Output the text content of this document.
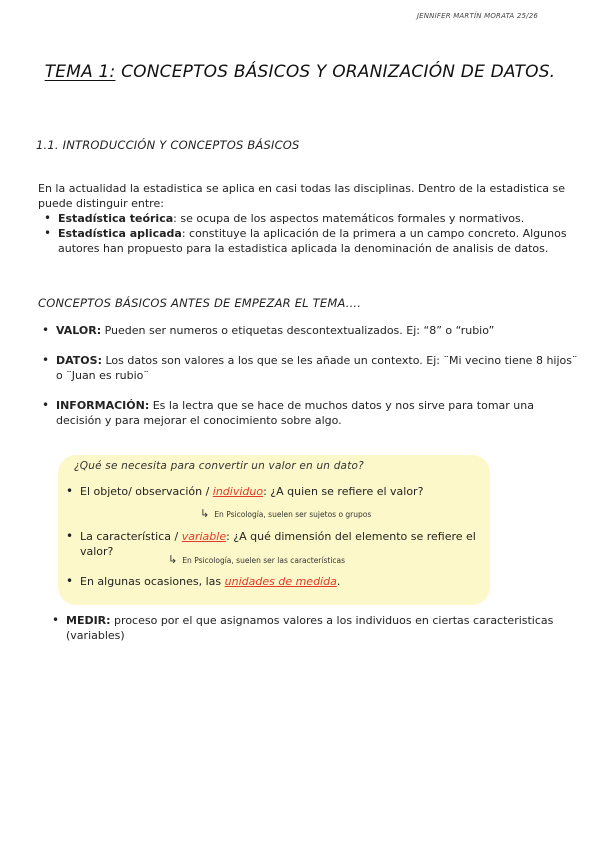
JENNIFER MARTÍN MORATA 25/26
TEMA 1: CONCEPTOS BÁSICOS Y ORANIZACIÓN DE DATOS.
1.1. INTRODUCCIÓN Y CONCEPTOS BÁSICOS
En la actualidad la estadistica se aplica en casi todas las disciplinas. Dentro de la estadistica se puede distinguir entre:
• Estadística teórica: se ocupa de los aspectos matemáticos formales y normativos.
• Estadística aplicada: constituye la aplicación de la primera a un campo concreto. Algunos autores han propuesto para la estadistica aplicada la denominación de analisis de datos.
CONCEPTOS BÁSICOS ANTES DE EMPEZAR EL TEMA....
• VALOR: Pueden ser numeros o etiquetas descontextualizados. Ej: “8” o “rubio”
• DATOS: Los datos son valores a los que se les añade un contexto. Ej: ¨Mi vecino tiene 8 hijos¨ o ¨Juan es rubio¨
• INFORMACIÓN: Es la lectra que se hace de muchos datos y nos sirve para tomar una decisión y para mejorar el conocimiento sobre algo.
¿Qué se necesita para convertir un valor en un dato?
• El objeto/ observación / individuo: ¿A quien se refiere el valor?
↳ En Psicología, suelen ser sujetos o grupos
• La característica / variable: ¿A qué dimensión del elemento se refiere el valor?
↳ En Psicología, suelen ser las características
• En algunas ocasiones, las unidades de medida.
• MEDIR: proceso por el que asignamos valores a los individuos en ciertas caracteristicas (variables)
